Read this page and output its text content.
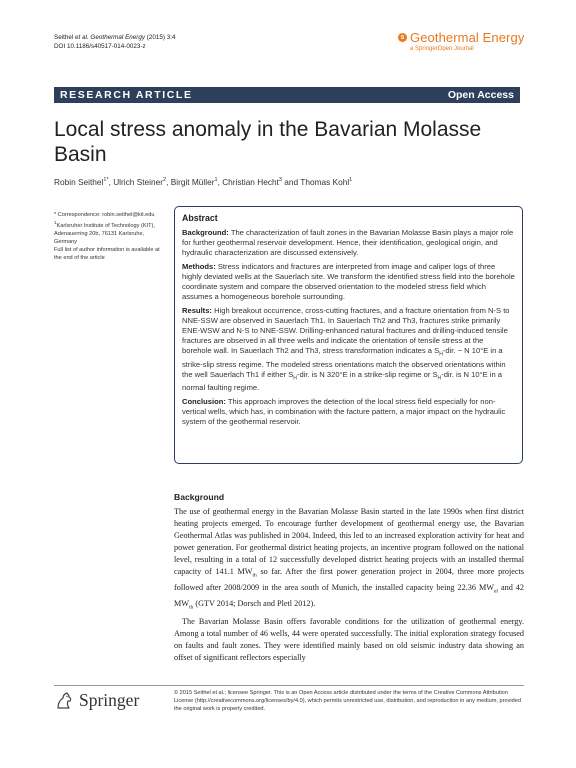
Seithel et al. Geothermal Energy (2015) 3:4
DOI 10.1186/s40517-014-0023-z
s Geothermal Energy
a SpringerOpen Journal
RESEARCH ARTICLE	Open Access
Local stress anomaly in the Bavarian Molasse Basin
Robin Seithel$^{1*}$, Ulrich Steiner$^2$, Birgit Müller$^1$, Christian Hecht$^3$ and Thomas Kohl$^1$

* Correspondence: robin.seithel@kit.edu

$^1$Karlsruher Institute of Technology (KIT), Adenauerring 20b, 76131 Karlsruhe, Germany

Full list of author information is available at the end of the article

Abstract

Background: The characterization of fault zones in the Bavarian Molasse Basin plays a major role for further geothermal reservoir development. Hence, their identification, geological origin, and hydraulic characterization are discussed extensively.

Methods: Stress indicators and fractures are interpreted from image and caliper logs of three highly deviated wells at the Sauerlach site. We transform the identified stress field into the borehole coordinate system and compare the observed orientation to the modeled stress field which assumes a homogeneous borehole surrounding.

Results: High breakout occurrence, cross-cutting fractures, and a fracture orientation from N-S to NNE-SSW are observed in Sauerlach Th1. In Sauerlach Th2 and Th3, fractures strike primarily ENE-WSW and N-S to NNE-SSW. Drilling-enhanced natural fractures and drilling-induced tensile fractures are observed in all three wells and indicate the orientation of tensile stress at the borehole wall. In Sauerlach Th2 and Th3, stress transformation indicates a $S_H$-dir. ~ N 10°E in a strike-slip stress regime. The modeled stress orientations match the observed orientations within the well Sauerlach Th1 if either $S_H$-dir. is N 320°E in a strike-slip regime or $S_H$-dir. is N 10°E in a normal faulting regime.

Conclusion: This approach improves the detection of the local stress field especially for non-vertical wells, which has, in combination with the facture pattern, a major impact on the hydraulic system of the geothermal reservoir.

Background

The use of geothermal energy in the Bavarian Molasse Basin started in the late 1990s when first district heating projects emerged. To encourage further development of geothermal energy use, the Bavarian Geothermal Atlas was published in 2004. Indeed, this led to an increased exploration activity for heat and power generation. For geothermal district heating projects, an incentive program followed on the national level, resulting in a total of 12 successfully developed district heating projects with an installed thermal capacity of 141.1 $MW_{th}$ so far. After the first power generation project in 2004, three more projects followed after 2008/2009 in the area south of Munich, the installed capacity being 22.36 $MW_{el}$ and 42 $MW_{th}$ (GTV 2014; Dorsch and Pletl 2012).

The Bavarian Molasse Basin offers favorable conditions for the utilization of geothermal energy. Among a total number of 46 wells, 44 were operated successfully. The initial exploration strategy focused on faults and fault zones. They were identified mainly based on old seismic industry data showing an offset of significant reflectors especially

Springer	© 2015 Seithel et al.; licensee Springer. This is an Open Access article distributed under the terms of the Creative Commons Attribution License (http://creativecommons.org/licenses/by/4.0), which permits unrestricted use, distribution, and reproduction in any medium, provided the original work is properly credited.
